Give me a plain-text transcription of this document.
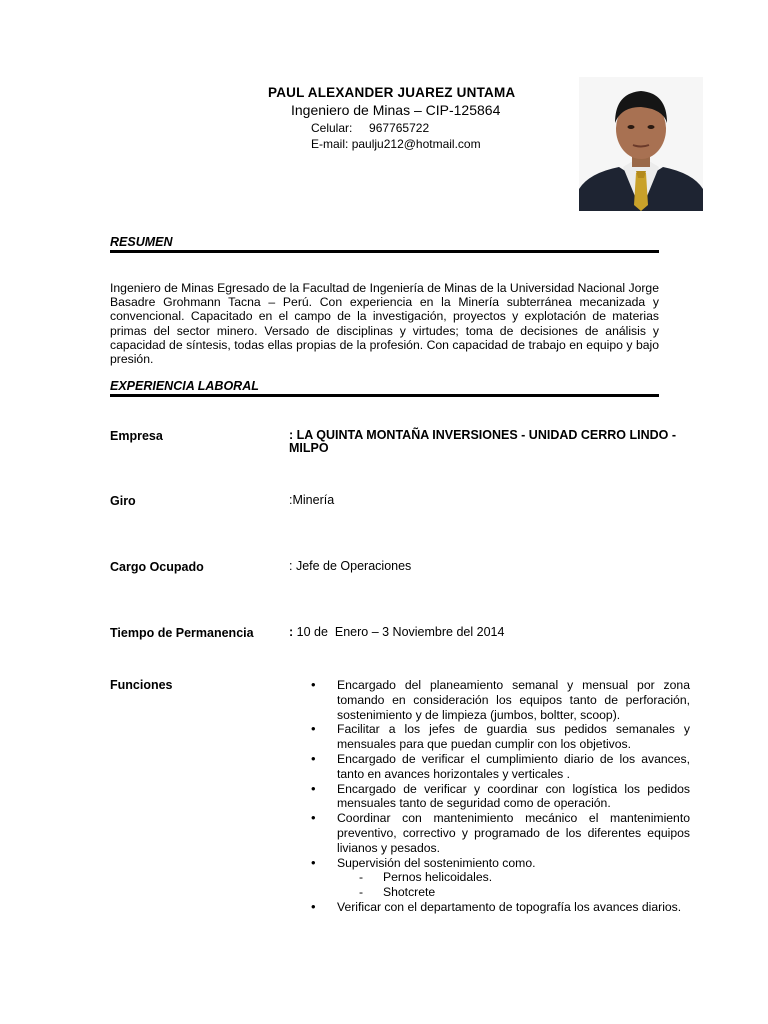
PAUL ALEXANDER JUAREZ UNTAMA
Ingeniero de Minas – CIP-125864
Celular: 967765722
E-mail: paulju212@hotmail.com
RESUMEN

Ingeniero de Minas Egresado de la Facultad de Ingeniería de Minas de la Universidad Nacional Jorge Basadre Grohmann Tacna – Perú. Con experiencia en la Minería subterránea mecanizada y convencional. Capacitado en el campo de la investigación, proyectos y explotación de materias primas del sector minero. Versado de disciplinas y virtudes; toma de decisiones de análisis y capacidad de síntesis, todas ellas propias de la profesión. Con capacidad de trabajo en equipo y bajo presión.

EXPERIENCIA LABORAL
Empresa	: LA QUINTA MONTAÑA INVERSIONES - UNIDAD CERRO LINDO - MILPO
Giro	:Minería
Cargo Ocupado	: Jefe de Operaciones
Tiempo de Permanencia	: 10 de  Enero – 3 Noviembre del 2014
Funciones
•	Encargado del planeamiento semanal y mensual por zona tomando en consideración los equipos tanto de perforación, sostenimiento y de limpieza (jumbos, boltter, scoop).
• Facilitar a los jefes de guardia sus pedidos semanales y mensuales para que puedan cumplir con los objetivos.
• Encargado de verificar el cumplimiento diario de los avances, tanto en avances horizontales y verticales .
• Encargado de verificar y coordinar con logística los pedidos mensuales tanto de seguridad como de operación.
• Coordinar con mantenimiento mecánico el mantenimiento preventivo, correctivo y programado de los diferentes equipos livianos y pesados.
• Supervisión del sostenimiento como.
- Pernos helicoidales.
- Shotcrete
• Verificar con el departamento de topografía los avances diarios.
